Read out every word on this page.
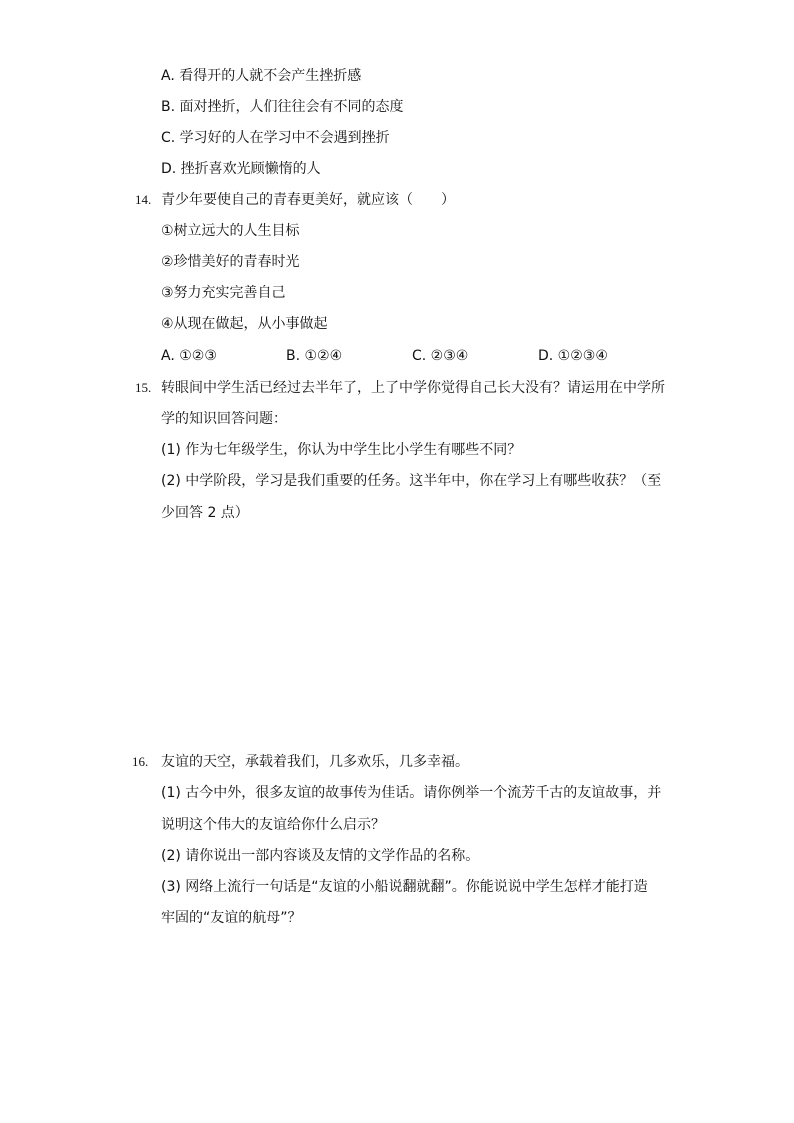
A. 看得开的人就不会产生挫折感
B. 面对挫折，人们往往会有不同的态度
C. 学习好的人在学习中不会遇到挫折
D. 挫折喜欢光顾懒惰的人
14. 青少年要使自己的青春更美好，就应该（　　）
①树立远大的人生目标
②珍惜美好的青春时光
③努力充实完善自己
④从现在做起，从小事做起
A. ①②③	B. ①②④	C. ②③④	D. ①②③④
15. 转眼间中学生活已经过去半年了，上了中学你觉得自己长大没有？请运用在中学所
学的知识回答问题：
(1) 作为七年级学生，你认为中学生比小学生有哪些不同？
(2) 中学阶段，学习是我们重要的任务。这半年中，你在学习上有哪些收获？（至
少回答 2 点）
16. 友谊的天空，承载着我们，几多欢乐，几多幸福。
(1) 古今中外，很多友谊的故事传为佳话。请你例举一个流芳千古的友谊故事，并
说明这个伟大的友谊给你什么启示？
(2) 请你说出一部内容谈及友情的文学作品的名称。
(3) 网络上流行一句话是“友谊的小船说翻就翻”。你能说说中学生怎样才能打造
牢固的“友谊的航母”？
